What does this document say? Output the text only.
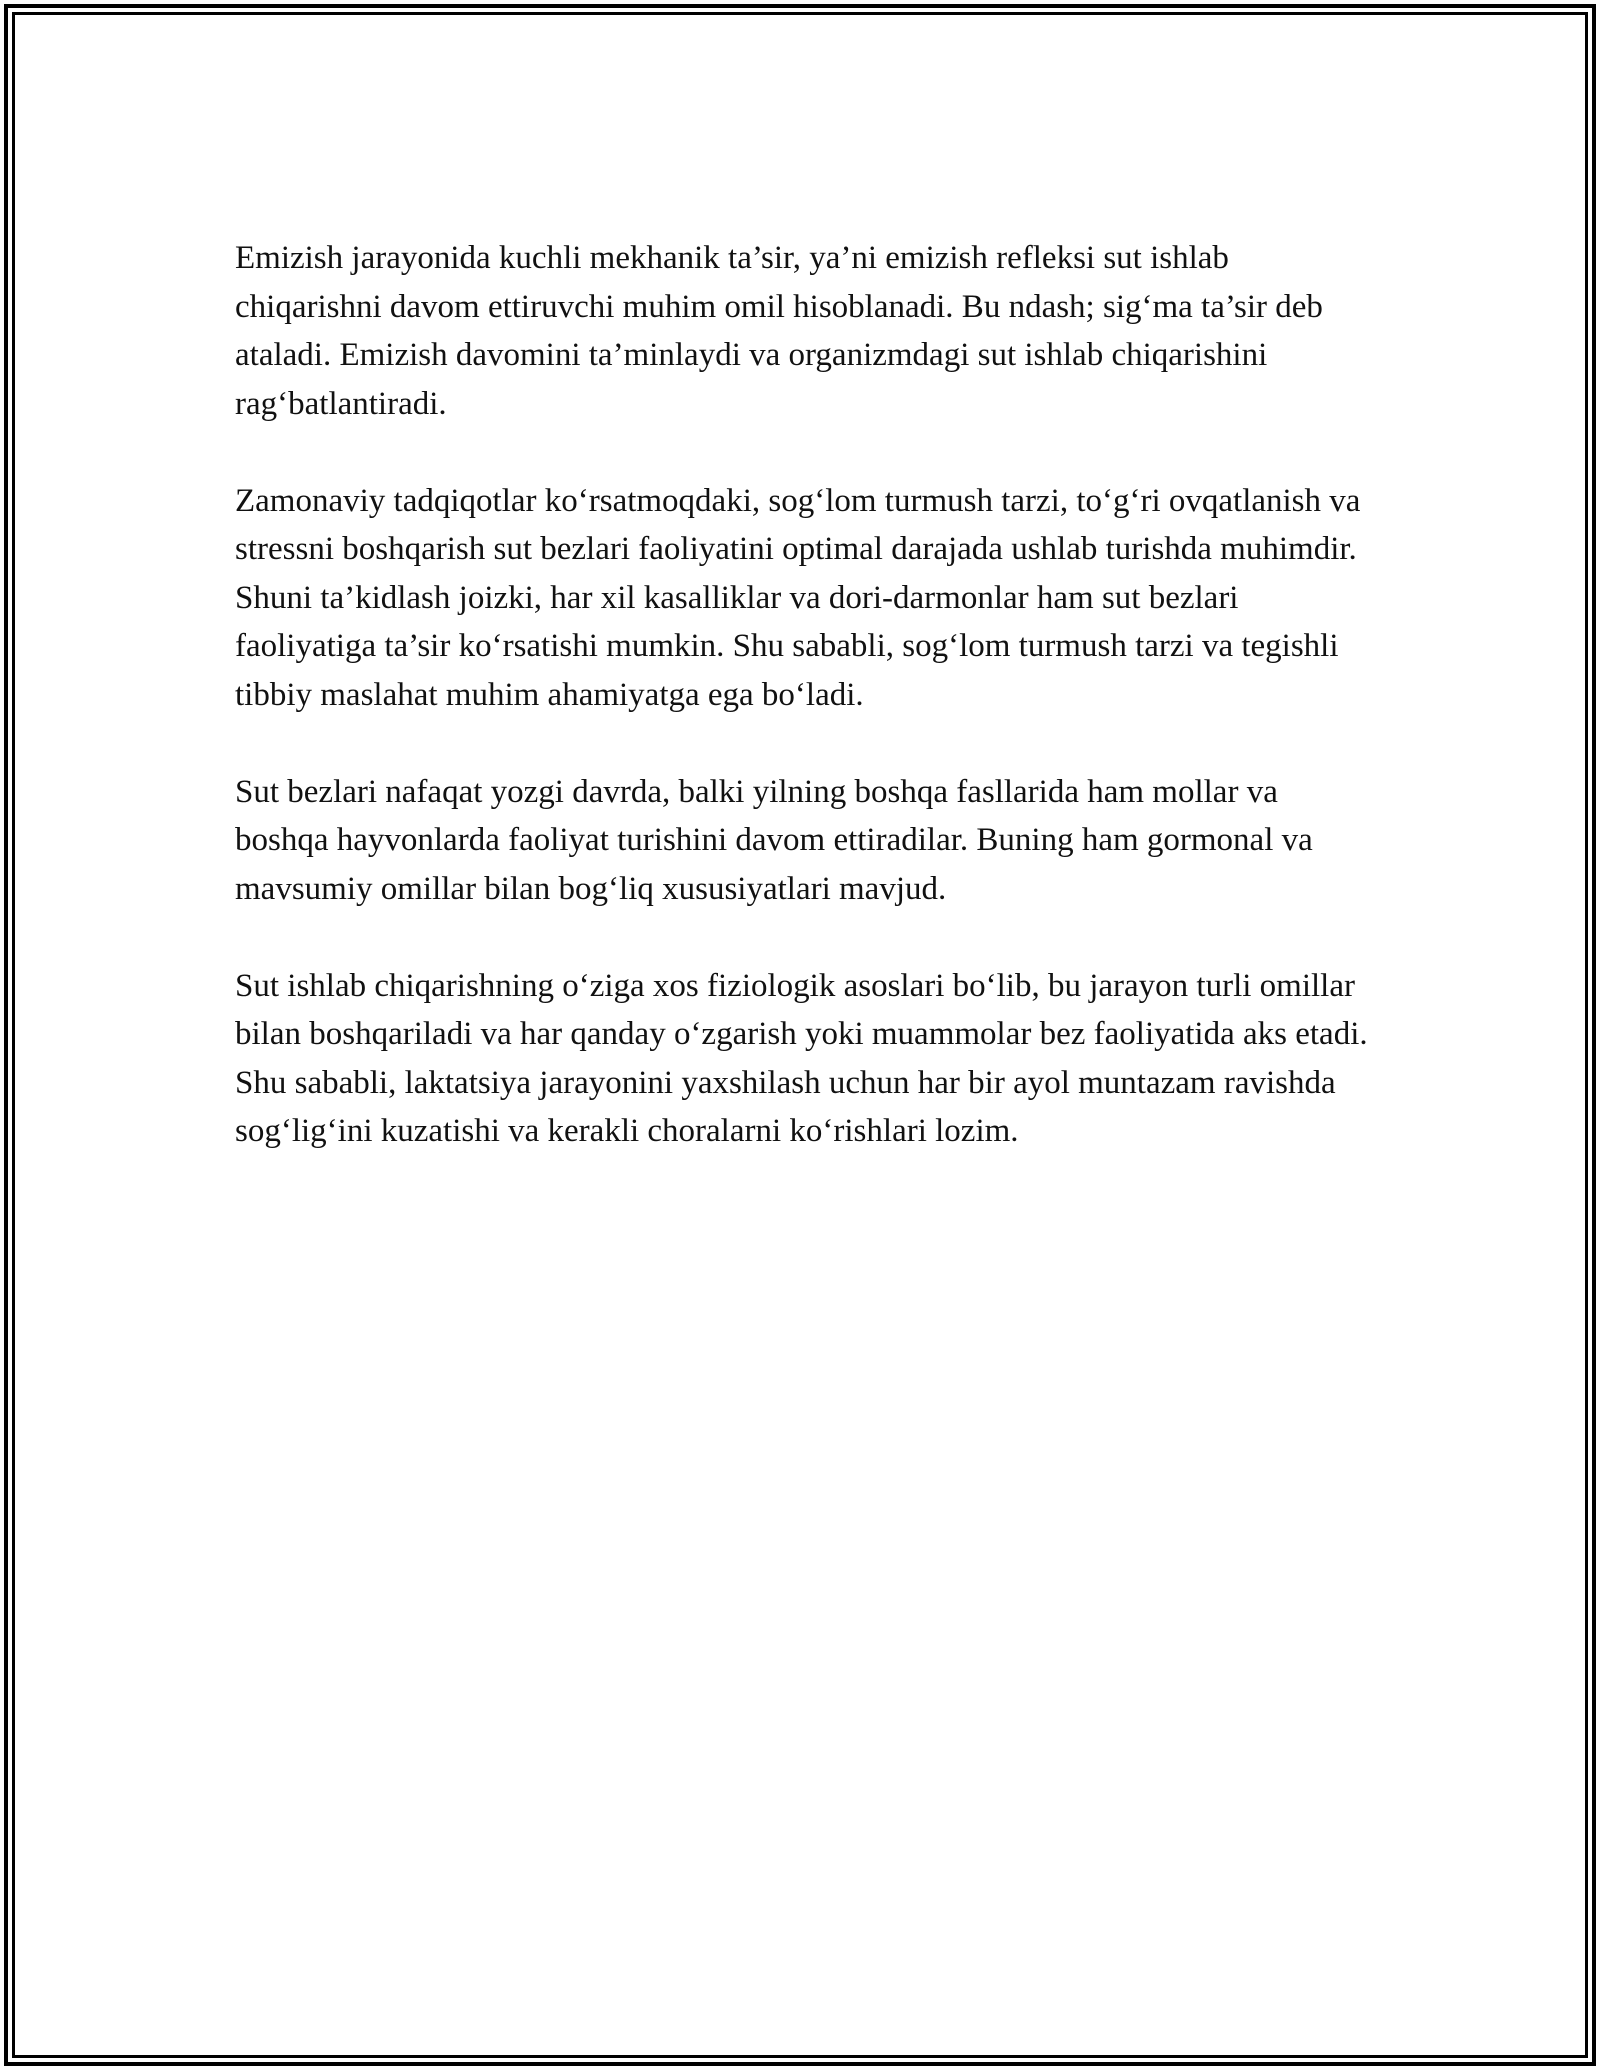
Emizish jarayonida kuchli mekhanik ta’sir, ya’ni emizish refleksi sut ishlab chiqarishni davom ettiruvchi muhim omil hisoblanadi. Bu ndash; sig‘ma ta’sir deb ataladi. Emizish davomini ta’minlaydi va organizmdagi sut ishlab chiqarishini rag‘batlantiradi.

Zamonaviy tadqiqotlar ko‘rsatmoqdaki, sog‘lom turmush tarzi, to‘g‘ri ovqatlanish va stressni boshqarish sut bezlari faoliyatini optimal darajada ushlab turishda muhimdir. Shuni ta’kidlash joizki, har xil kasalliklar va dori-darmonlar ham sut bezlari faoliyatiga ta’sir ko‘rsatishi mumkin. Shu sababli, sog‘lom turmush tarzi va tegishli tibbiy maslahat muhim ahamiyatga ega bo‘ladi.

Sut bezlari nafaqat yozgi davrda, balki yilning boshqa fasllarida ham mollar va boshqa hayvonlarda faoliyat turishini davom ettiradilar. Buning ham gormonal va mavsumiy omillar bilan bog‘liq xususiyatlari mavjud.

Sut ishlab chiqarishning o‘ziga xos fiziologik asoslari bo‘lib, bu jarayon turli omillar bilan boshqariladi va har qanday o‘zgarish yoki muammolar bez faoliyatida aks etadi. Shu sababli, laktatsiya jarayonini yaxshilash uchun har bir ayol muntazam ravishda sog‘lig‘ini kuzatishi va kerakli choralarni ko‘rishlari lozim.
